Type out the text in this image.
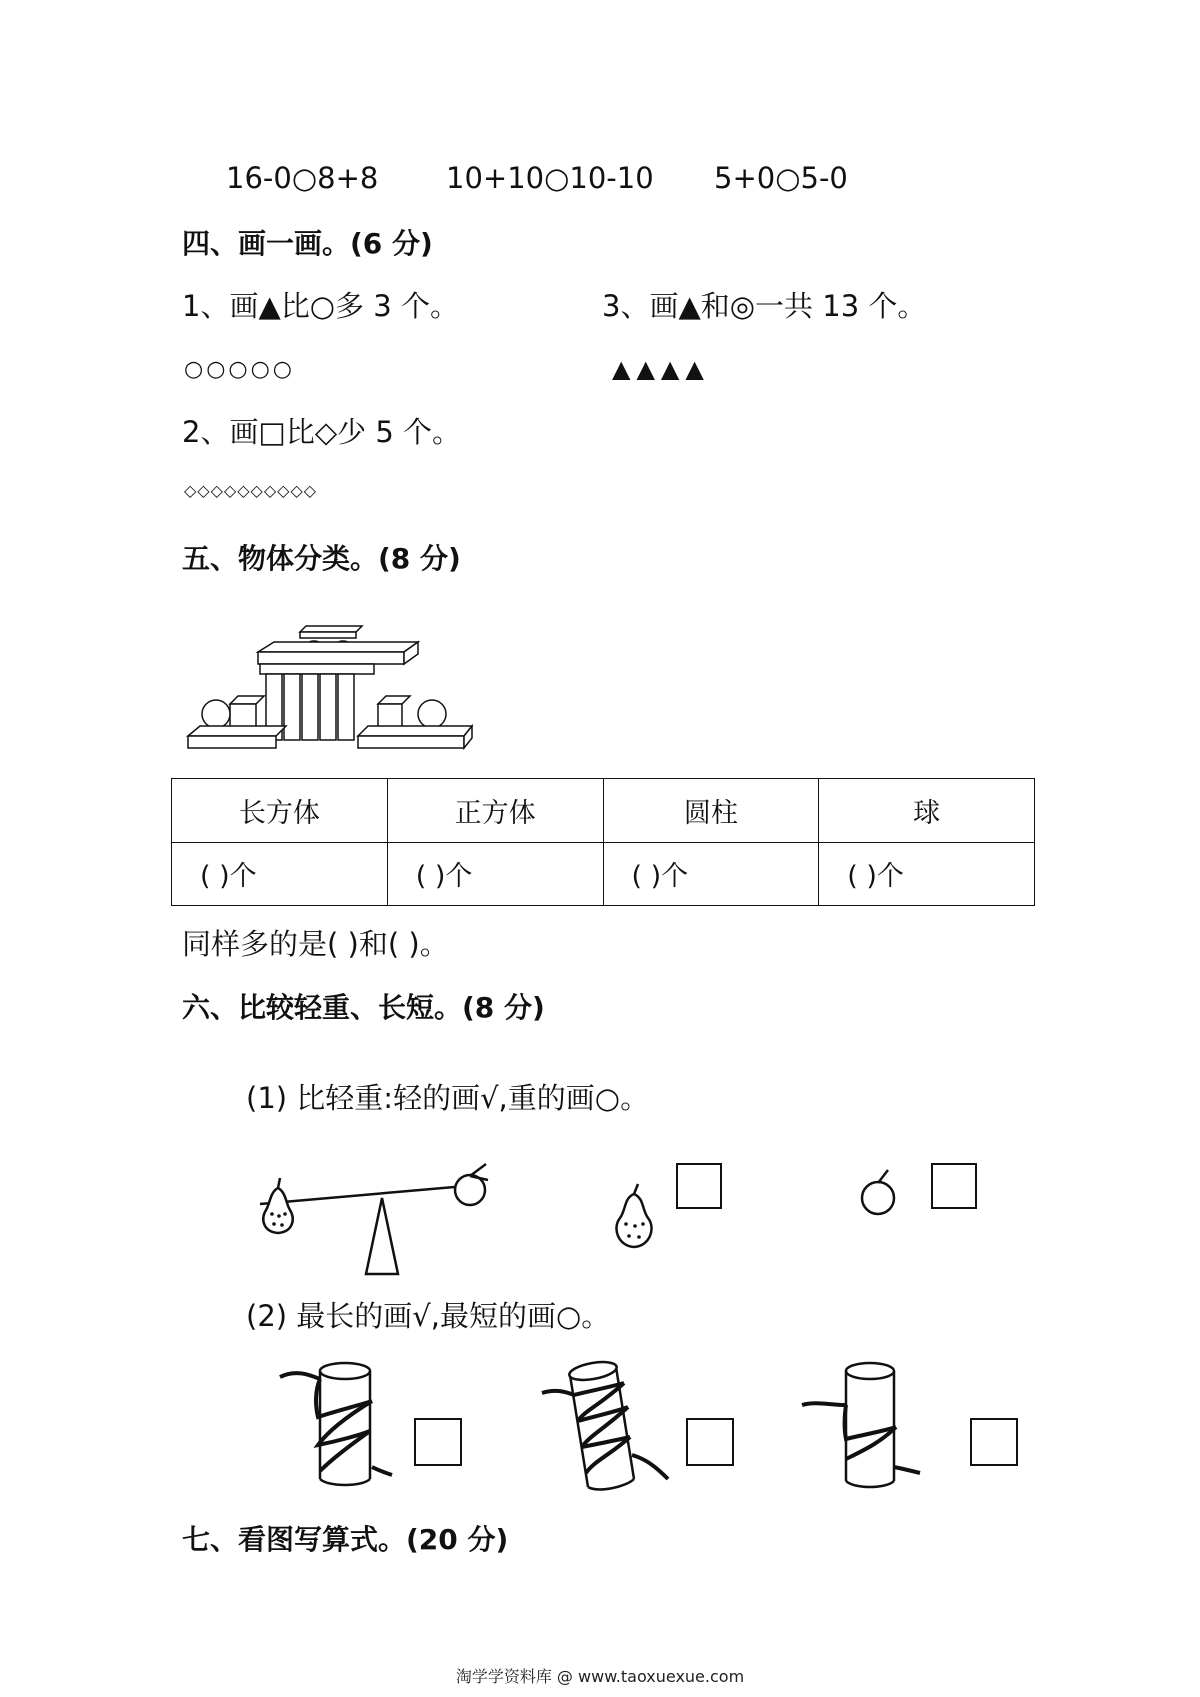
16-0○8+8 10+10○10-10 5+0○5-0
四、画一画。(6 分)
1、画▲比○多 3 个。	3、画▲和◎一共 13 个。
○○○○○	▲▲▲▲
2、画□比◇少 5 个。
◇◇◇◇◇◇◇◇◇◇
五、物体分类。(8 分)
长方体	正方体	圆柱	球
( )个	( )个	( )个	( )个
同样多的是( )和( )。
六、比较轻重、长短。(8 分)
(1) 比轻重:轻的画√,重的画○。
(2) 最长的画√,最短的画○。
七、看图写算式。(20 分)
淘学学资料库 @ www.taoxuexue.com
